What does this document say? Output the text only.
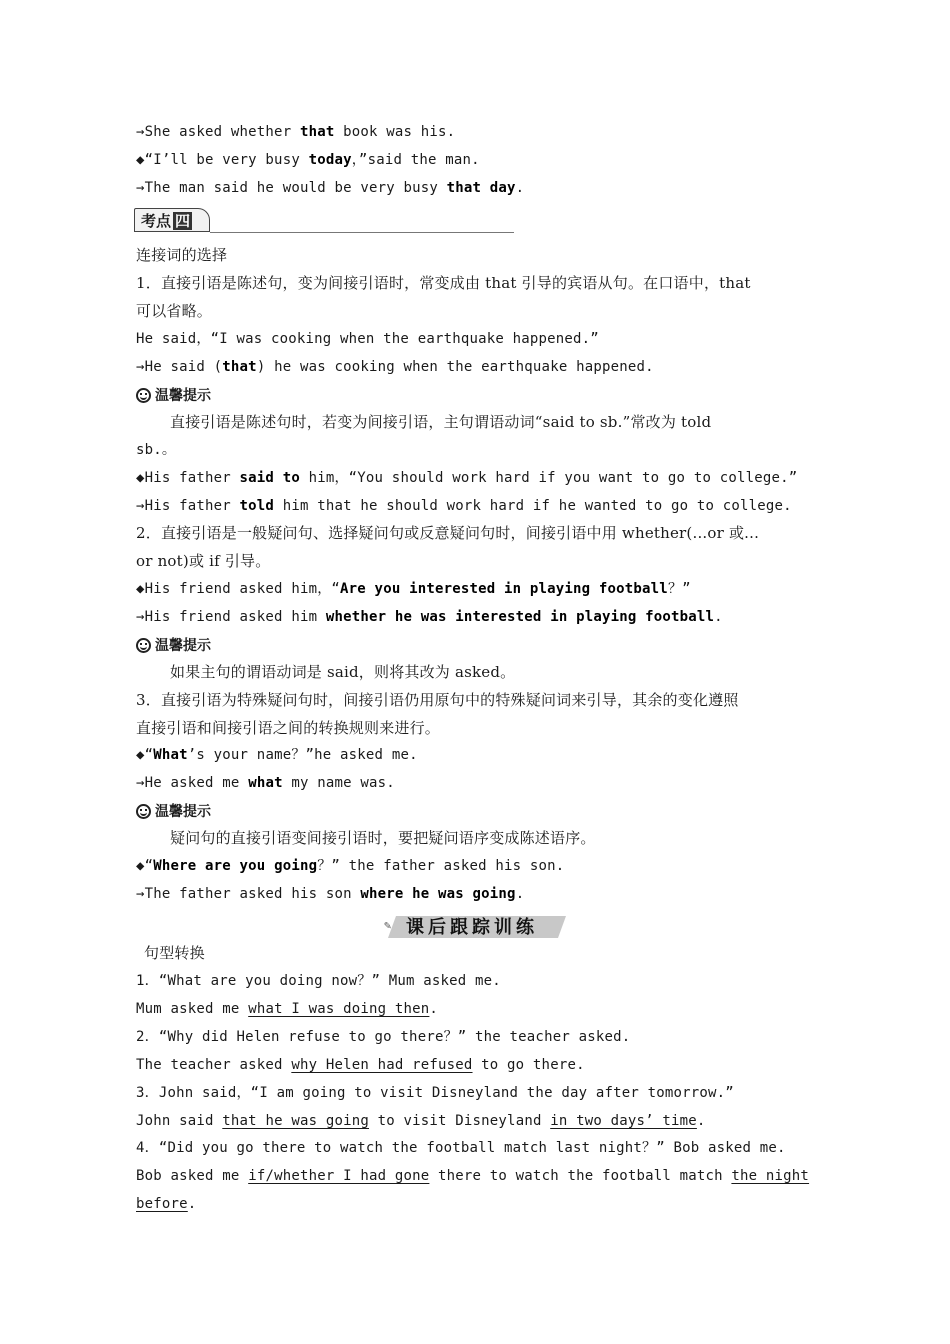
→She asked whether that book was his.
◆“I’ll be very busy today，”said the man.
→The man said he would be very busy that day.
考点 四
连接词的选择
1．直接引语是陈述句，变为间接引语时，常变成由 that 引导的宾语从句。在口语中，that
可以省略。
He said，“I was cooking when the earthquake happened.”
→He said (that) he was cooking when the earthquake happened.
温馨提示
直接引语是陈述句时，若变为间接引语，主句谓语动词“said to sb.”常改为 told
sb.。
◆His father said to him，“You should work hard if you want to go to college.”
→His father told him that he should work hard if he wanted to go to college.
2．直接引语是一般疑问句、选择疑问句或反意疑问句时，间接引语中用 whether(...or 或...
or not)或 if 引导。
◆His friend asked him，“Are you interested in playing football？”
→His friend asked him whether he was interested in playing football.
温馨提示
如果主句的谓语动词是 said，则将其改为 asked。
3．直接引语为特殊疑问句时，间接引语仍用原句中的特殊疑问词来引导，其余的变化遵照
直接引语和间接引语之间的转换规则来进行。
◆“What’s your name？”he asked me.
→He asked me what my name was.
温馨提示
疑问句的直接引语变间接引语时，要把疑问语序变成陈述语序。
◆“Where are you going？” the father asked his son.
→The father asked his son where he was going.
✎ 课后跟踪训练
句型转换
1．“What are you doing now？” Mum asked me.
Mum asked me what I was doing then.
2．“Why did Helen refuse to go there？” the teacher asked.
The teacher asked why Helen had refused to go there.
3．John said，“I am going to visit Disneyland the day after tomorrow.”
John said that he was going to visit Disneyland in two days’ time.
4．“Did you go there to watch the football match last night？” Bob asked me.
Bob asked me if/whether I had gone there to watch the football match the night
before.
